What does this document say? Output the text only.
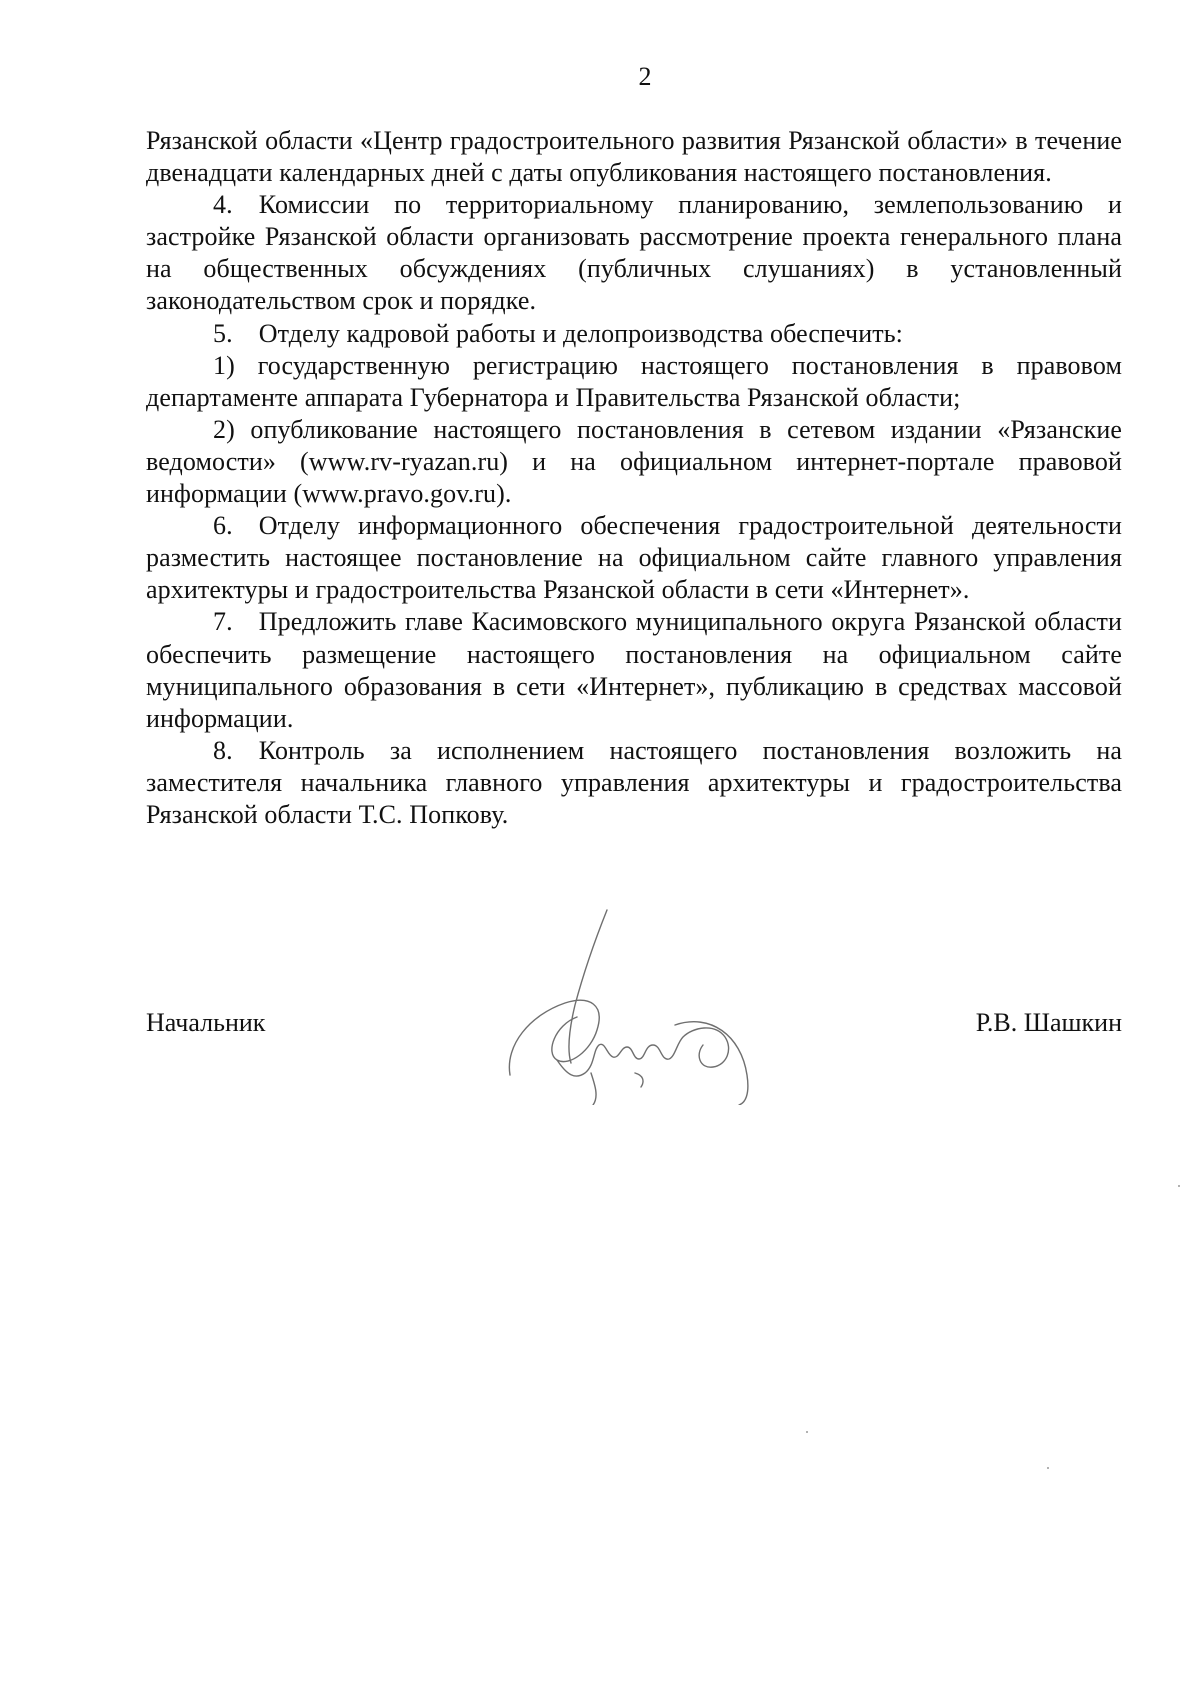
2

Рязанской области «Центр градостроительного развития Рязанской области» в течение двенадцати календарных дней с даты опубликования настоящего постановления.

4. Комиссии по территориальному планированию, землепользованию и застройке Рязанской области организовать рассмотрение проекта генерального плана на общественных обсуждениях (публичных слушаниях) в установленный законодательством срок и порядке.

5. Отделу кадровой работы и делопроизводства обеспечить:

1) государственную регистрацию настоящего постановления в правовом департаменте аппарата Губернатора и Правительства Рязанской области;

2) опубликование настоящего постановления в сетевом издании «Рязанские ведомости» (www.rv-ryazan.ru) и на официальном интернет-портале правовой информации (www.pravo.gov.ru).

6. Отделу информационного обеспечения градостроительной деятельности разместить настоящее постановление на официальном сайте главного управления архитектуры и градостроительства Рязанской области в сети «Интернет».

7. Предложить главе Касимовского муниципального округа Рязанской области обеспечить размещение настоящего постановления на официальном сайте муниципального образования в сети «Интернет», публикацию в средствах массовой информации.

8. Контроль за исполнением настоящего постановления возложить на заместителя начальника главного управления архитектуры и градостроительства Рязанской области Т.С. Попкову.

Начальник	Р.В. Шашкин
